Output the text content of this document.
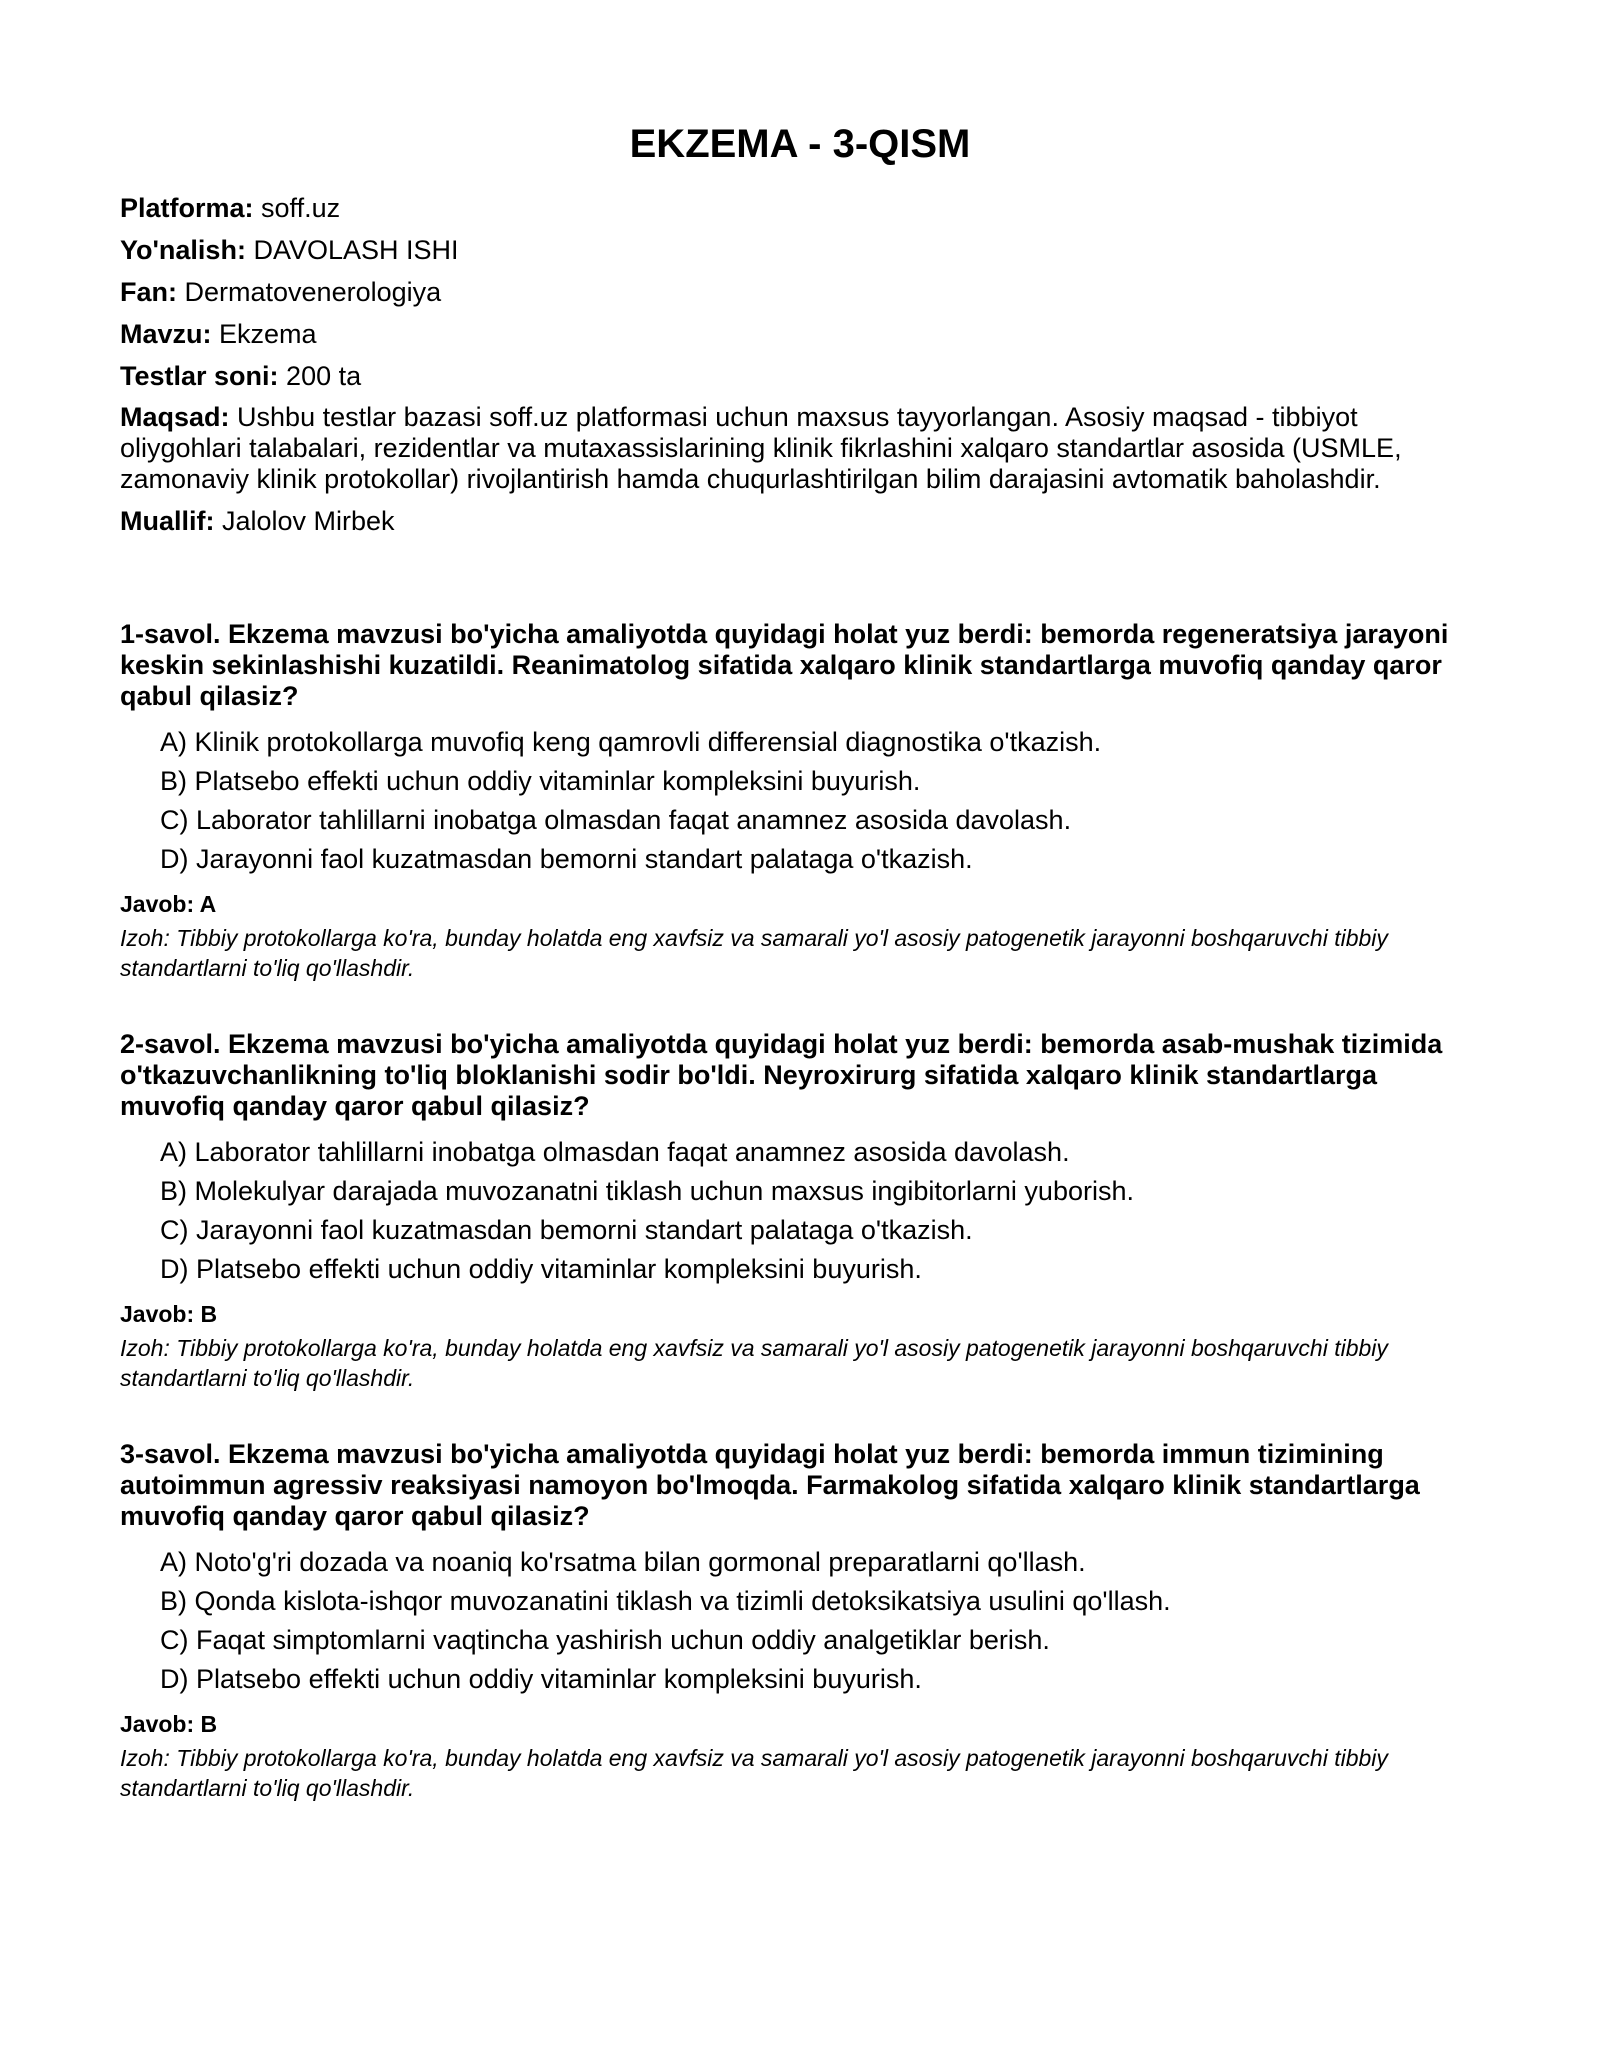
EKZEMA - 3-QISM

Platforma: soff.uz

Yo'nalish: DAVOLASH ISHI

Fan: Dermatovenerologiya

Mavzu: Ekzema

Testlar soni: 200 ta

Maqsad: Ushbu testlar bazasi soff.uz platformasi uchun maxsus tayyorlangan. Asosiy maqsad - tibbiyot oliygohlari talabalari, rezidentlar va mutaxassislarining klinik fikrlashini xalqaro standartlar asosida (USMLE, zamonaviy klinik protokollar) rivojlantirish hamda chuqurlashtirilgan bilim darajasini avtomatik baholashdir.

Muallif: Jalolov Mirbek

1-savol. Ekzema mavzusi bo'yicha amaliyotda quyidagi holat yuz berdi: bemorda regeneratsiya jarayoni keskin sekinlashishi kuzatildi. Reanimatolog sifatida xalqaro klinik standartlarga muvofiq qanday qaror qabul qilasiz?

A) Klinik protokollarga muvofiq keng qamrovli differensial diagnostika o'tkazish.
B) Platsebo effekti uchun oddiy vitaminlar kompleksini buyurish.
C) Laborator tahlillarni inobatga olmasdan faqat anamnez asosida davolash.
D) Jarayonni faol kuzatmasdan bemorni standart palataga o'tkazish.

Javob: A

Izoh: Tibbiy protokollarga ko'ra, bunday holatda eng xavfsiz va samarali yo'l asosiy patogenetik jarayonni boshqaruvchi tibbiy standartlarni to'liq qo'llashdir.

2-savol. Ekzema mavzusi bo'yicha amaliyotda quyidagi holat yuz berdi: bemorda asab-mushak tizimida o'tkazuvchanlikning to'liq bloklanishi sodir bo'ldi. Neyroxirurg sifatida xalqaro klinik standartlarga muvofiq qanday qaror qabul qilasiz?

A) Laborator tahlillarni inobatga olmasdan faqat anamnez asosida davolash.
B) Molekulyar darajada muvozanatni tiklash uchun maxsus ingibitorlarni yuborish.
C) Jarayonni faol kuzatmasdan bemorni standart palataga o'tkazish.
D) Platsebo effekti uchun oddiy vitaminlar kompleksini buyurish.

Javob: B

Izoh: Tibbiy protokollarga ko'ra, bunday holatda eng xavfsiz va samarali yo'l asosiy patogenetik jarayonni boshqaruvchi tibbiy standartlarni to'liq qo'llashdir.

3-savol. Ekzema mavzusi bo'yicha amaliyotda quyidagi holat yuz berdi: bemorda immun tizimining autoimmun agressiv reaksiyasi namoyon bo'lmoqda. Farmakolog sifatida xalqaro klinik standartlarga muvofiq qanday qaror qabul qilasiz?

A) Noto'g'ri dozada va noaniq ko'rsatma bilan gormonal preparatlarni qo'llash.
B) Qonda kislota-ishqor muvozanatini tiklash va tizimli detoksikatsiya usulini qo'llash.
C) Faqat simptomlarni vaqtincha yashirish uchun oddiy analgetiklar berish.
D) Platsebo effekti uchun oddiy vitaminlar kompleksini buyurish.

Javob: B

Izoh: Tibbiy protokollarga ko'ra, bunday holatda eng xavfsiz va samarali yo'l asosiy patogenetik jarayonni boshqaruvchi tibbiy standartlarni to'liq qo'llashdir.
